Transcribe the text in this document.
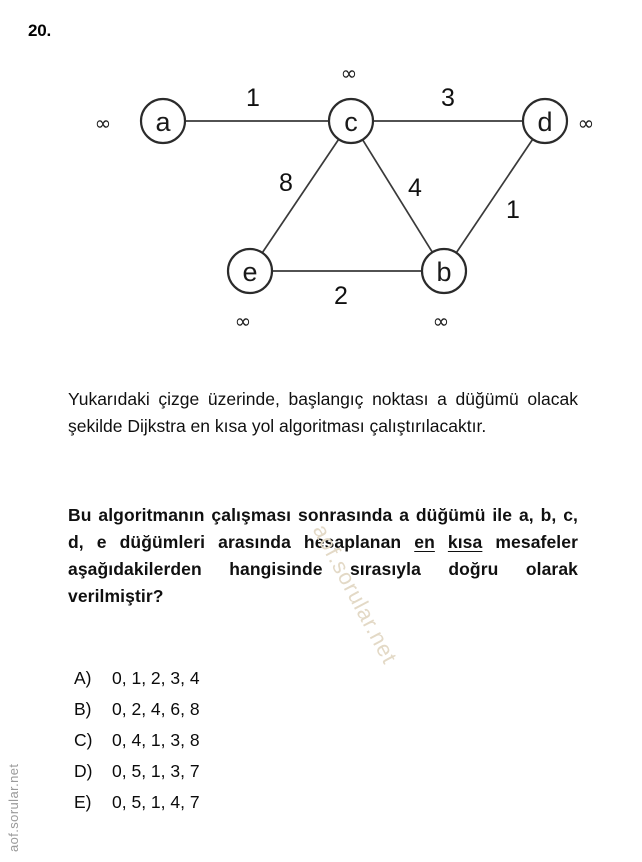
20.
a	c	d
e	b
1	3
8	4
1
2
∞
∞
∞
∞	∞
Yukarıdaki çizge üzerinde, başlangıç noktası a düğümü olacak şekilde Dijkstra en kısa yol algoritması çalıştırılacaktır.
Bu algoritmanın çalışması sonrasında a düğümü ile a, b, c, d, e düğümleri arasında hesaplanan en kısa mesafeler aşağıdakilerden hangisinde sırasıyla doğru olarak verilmiştir?
A)	0, 1, 2, 3, 4
B)	0, 2, 4, 6, 8
C)	0, 4, 1, 3, 8
D)	0, 5, 1, 3, 7
E)	0, 5, 1, 4, 7
aof.sorular.net
aof.sorular.net
